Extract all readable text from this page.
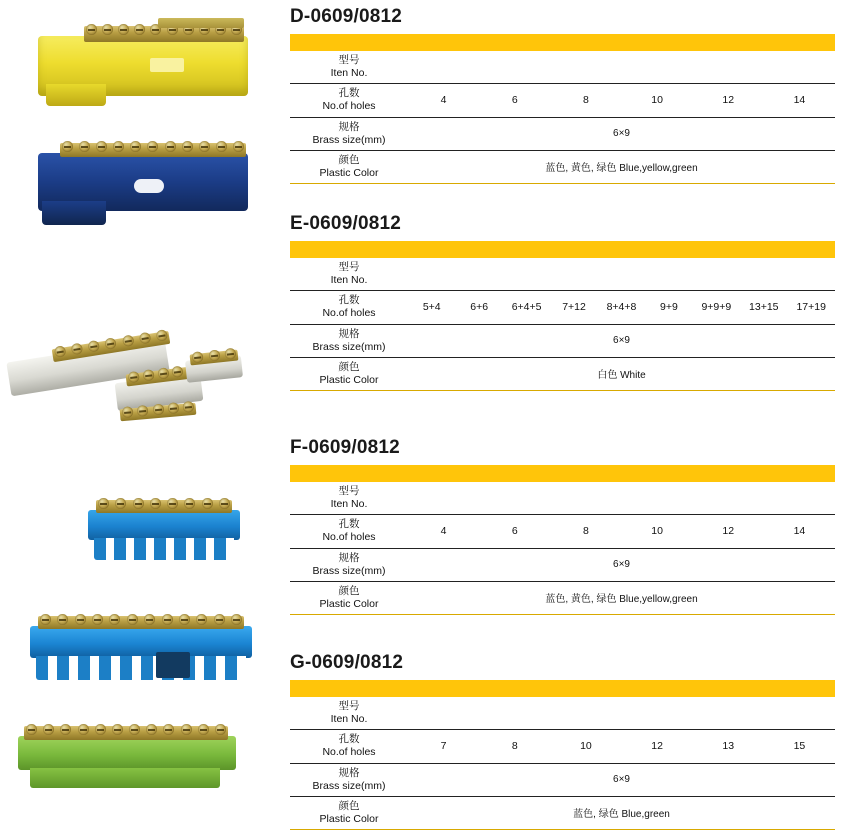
D-0609/0812
型号
Iten No.	

孔数
No.of holes	4	6	8	10	12	14

规格
Brass size(mm)	6×9

颜色
Plastic Color	蓝色, 黄色, 绿色 Blue,yellow,green
E-0609/0812
型号
Iten No.	

孔数
No.of holes	5+4	6+6	6+4+5	7+12	8+4+8	9+9	9+9+9	13+15	17+19

规格
Brass size(mm)	6×9

颜色
Plastic Color	白色 White
F-0609/0812
型号
Iten No.	

孔数
No.of holes	4	6	8	10	12	14

规格
Brass size(mm)	6×9

颜色
Plastic Color	蓝色, 黄色, 绿色 Blue,yellow,green
G-0609/0812
型号
Iten No.	

孔数
No.of holes	7	8	10	12	13	15

规格
Brass size(mm)	6×9

颜色
Plastic Color	蓝色, 绿色 Blue,green
